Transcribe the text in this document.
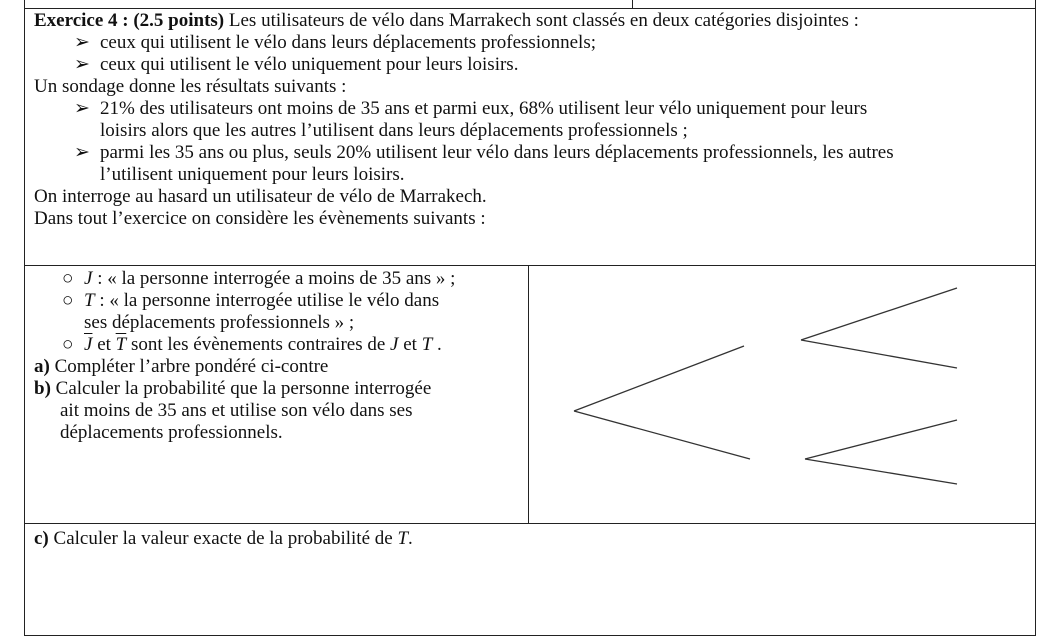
Exercice 4 : (2.5 points) Les utilisateurs de vélo dans Marrakech sont classés en deux catégories disjointes :
➢ ceux qui utilisent le vélo dans leurs déplacements professionnels;
➢ ceux qui utilisent le vélo uniquement pour leurs loisirs.
Un sondage donne les résultats suivants :
➢ 21% des utilisateurs ont moins de 35 ans et parmi eux, 68% utilisent leur vélo uniquement pour leurs
loisirs alors que les autres l’utilisent dans leurs déplacements professionnels ;
➢ parmi les 35 ans ou plus, seuls 20% utilisent leur vélo dans leurs déplacements professionnels, les autres
l’utilisent uniquement pour leurs loisirs.
On interroge au hasard un utilisateur de vélo de Marrakech.
Dans tout l’exercice on considère les évènements suivants :
○ J : « la personne interrogée a moins de 35 ans » ;
○ T : « la personne interrogée utilise le vélo dans
ses déplacements professionnels » ;
○ $\overline{J}$ et $\overline{T}$ sont les évènements contraires de J et T .
a) Compléter l’arbre pondéré ci-contre
b) Calculer la probabilité que la personne interrogée
ait moins de 35 ans et utilise son vélo dans ses
déplacements professionnels.
c) Calculer la valeur exacte de la probabilité de T.
